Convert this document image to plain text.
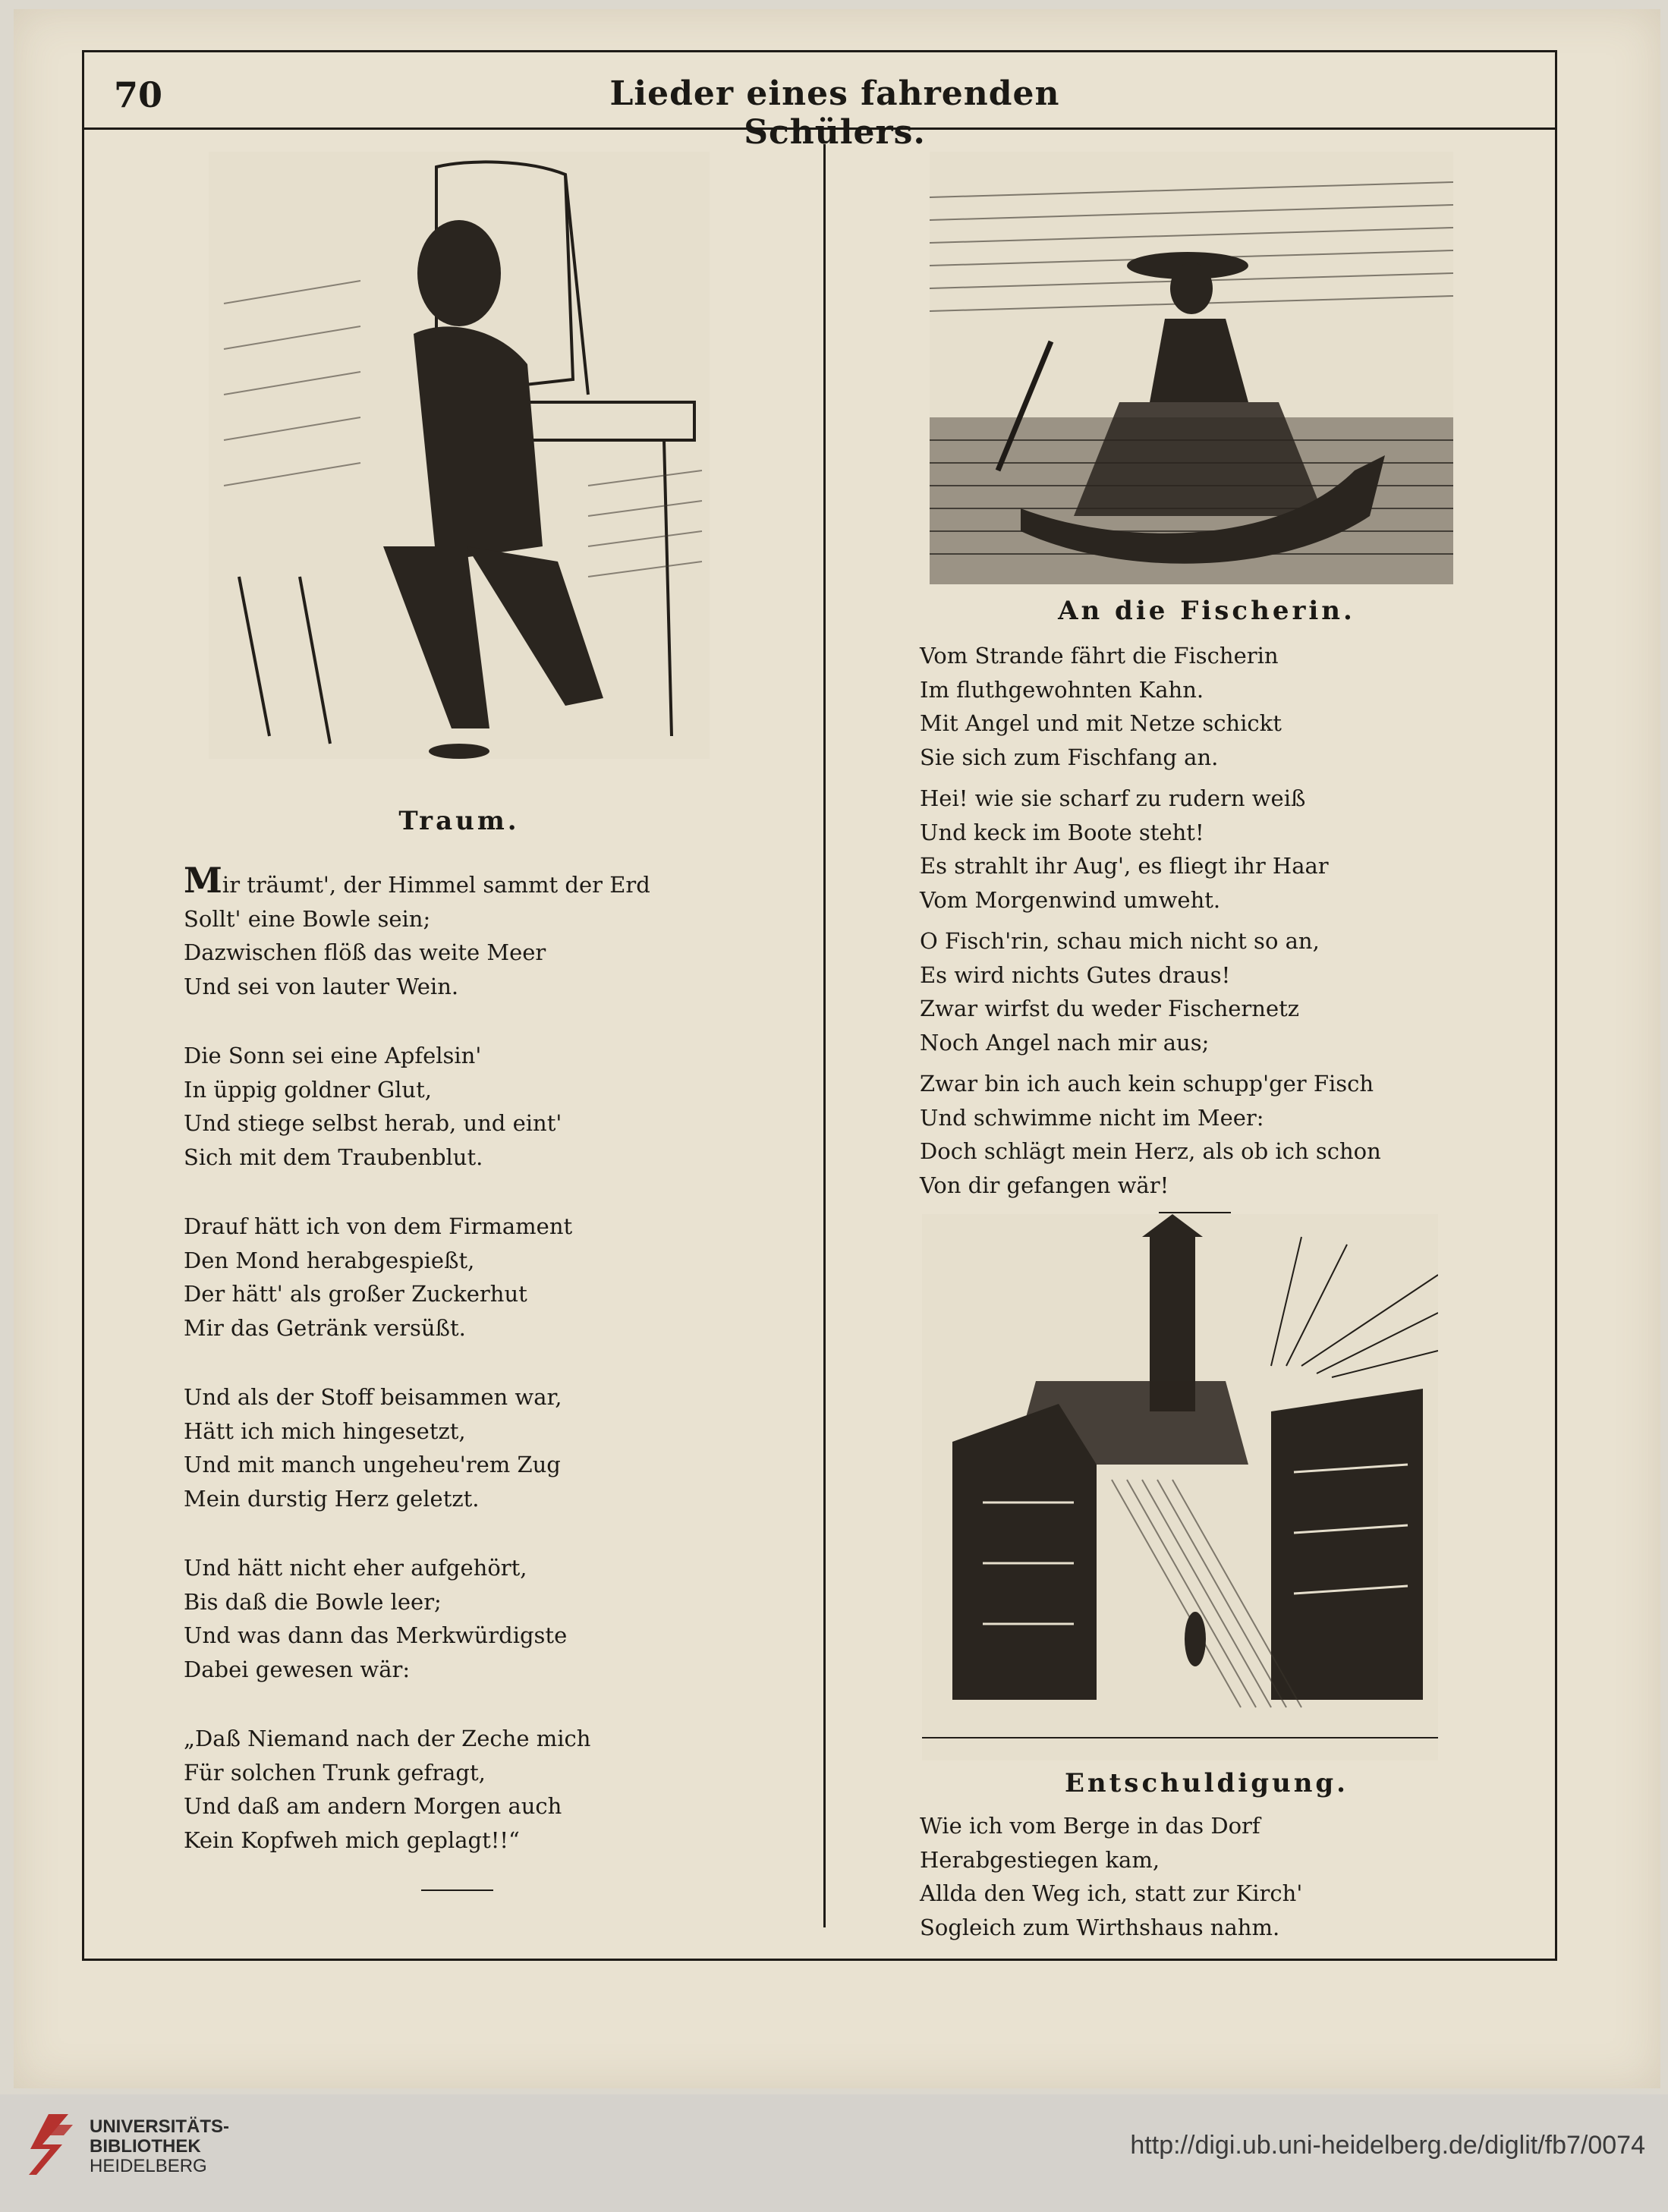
70	Lieder eines fahrenden Schülers.
Traum.
Mir träumt', der Himmel sammt der Erd
Sollt' eine Bowle sein;
Dazwischen flöß das weite Meer
Und sei von lauter Wein.
Die Sonn sei eine Apfelsin'
In üppig goldner Glut,
Und stiege selbst herab, und eint'
Sich mit dem Traubenblut.
Drauf hätt ich von dem Firmament
Den Mond herabgespießt,
Der hätt' als großer Zuckerhut
Mir das Getränk versüßt.
Und als der Stoff beisammen war,
Hätt ich mich hingesetzt,
Und mit manch ungeheu'rem Zug
Mein durstig Herz geletzt.
Und hätt nicht eher aufgehört,
Bis daß die Bowle leer;
Und was dann das Merkwürdigste
Dabei gewesen wär:
„Daß Niemand nach der Zeche mich
Für solchen Trunk gefragt,
Und daß am andern Morgen auch
Kein Kopfweh mich geplagt!!“
An die Fischerin.
Vom Strande fährt die Fischerin
Im fluthgewohnten Kahn.
Mit Angel und mit Netze schickt
Sie sich zum Fischfang an.
Hei! wie sie scharf zu rudern weiß
Und keck im Boote steht!
Es strahlt ihr Aug', es fliegt ihr Haar
Vom Morgenwind umweht.
O Fisch'rin, schau mich nicht so an,
Es wird nichts Gutes draus!
Zwar wirfst du weder Fischernetz
Noch Angel nach mir aus;
Zwar bin ich auch kein schupp'ger Fisch
Und schwimme nicht im Meer:
Doch schlägt mein Herz, als ob ich schon
Von dir gefangen wär!
Entschuldigung.
Wie ich vom Berge in das Dorf
Herabgestiegen kam,
Allda den Weg ich, statt zur Kirch'
Sogleich zum Wirthshaus nahm.
UNIVERSITÄTS-
BIBLIOTHEK
HEIDELBERG
http://digi.ub.uni-heidelberg.de/diglit/fb7/0074
